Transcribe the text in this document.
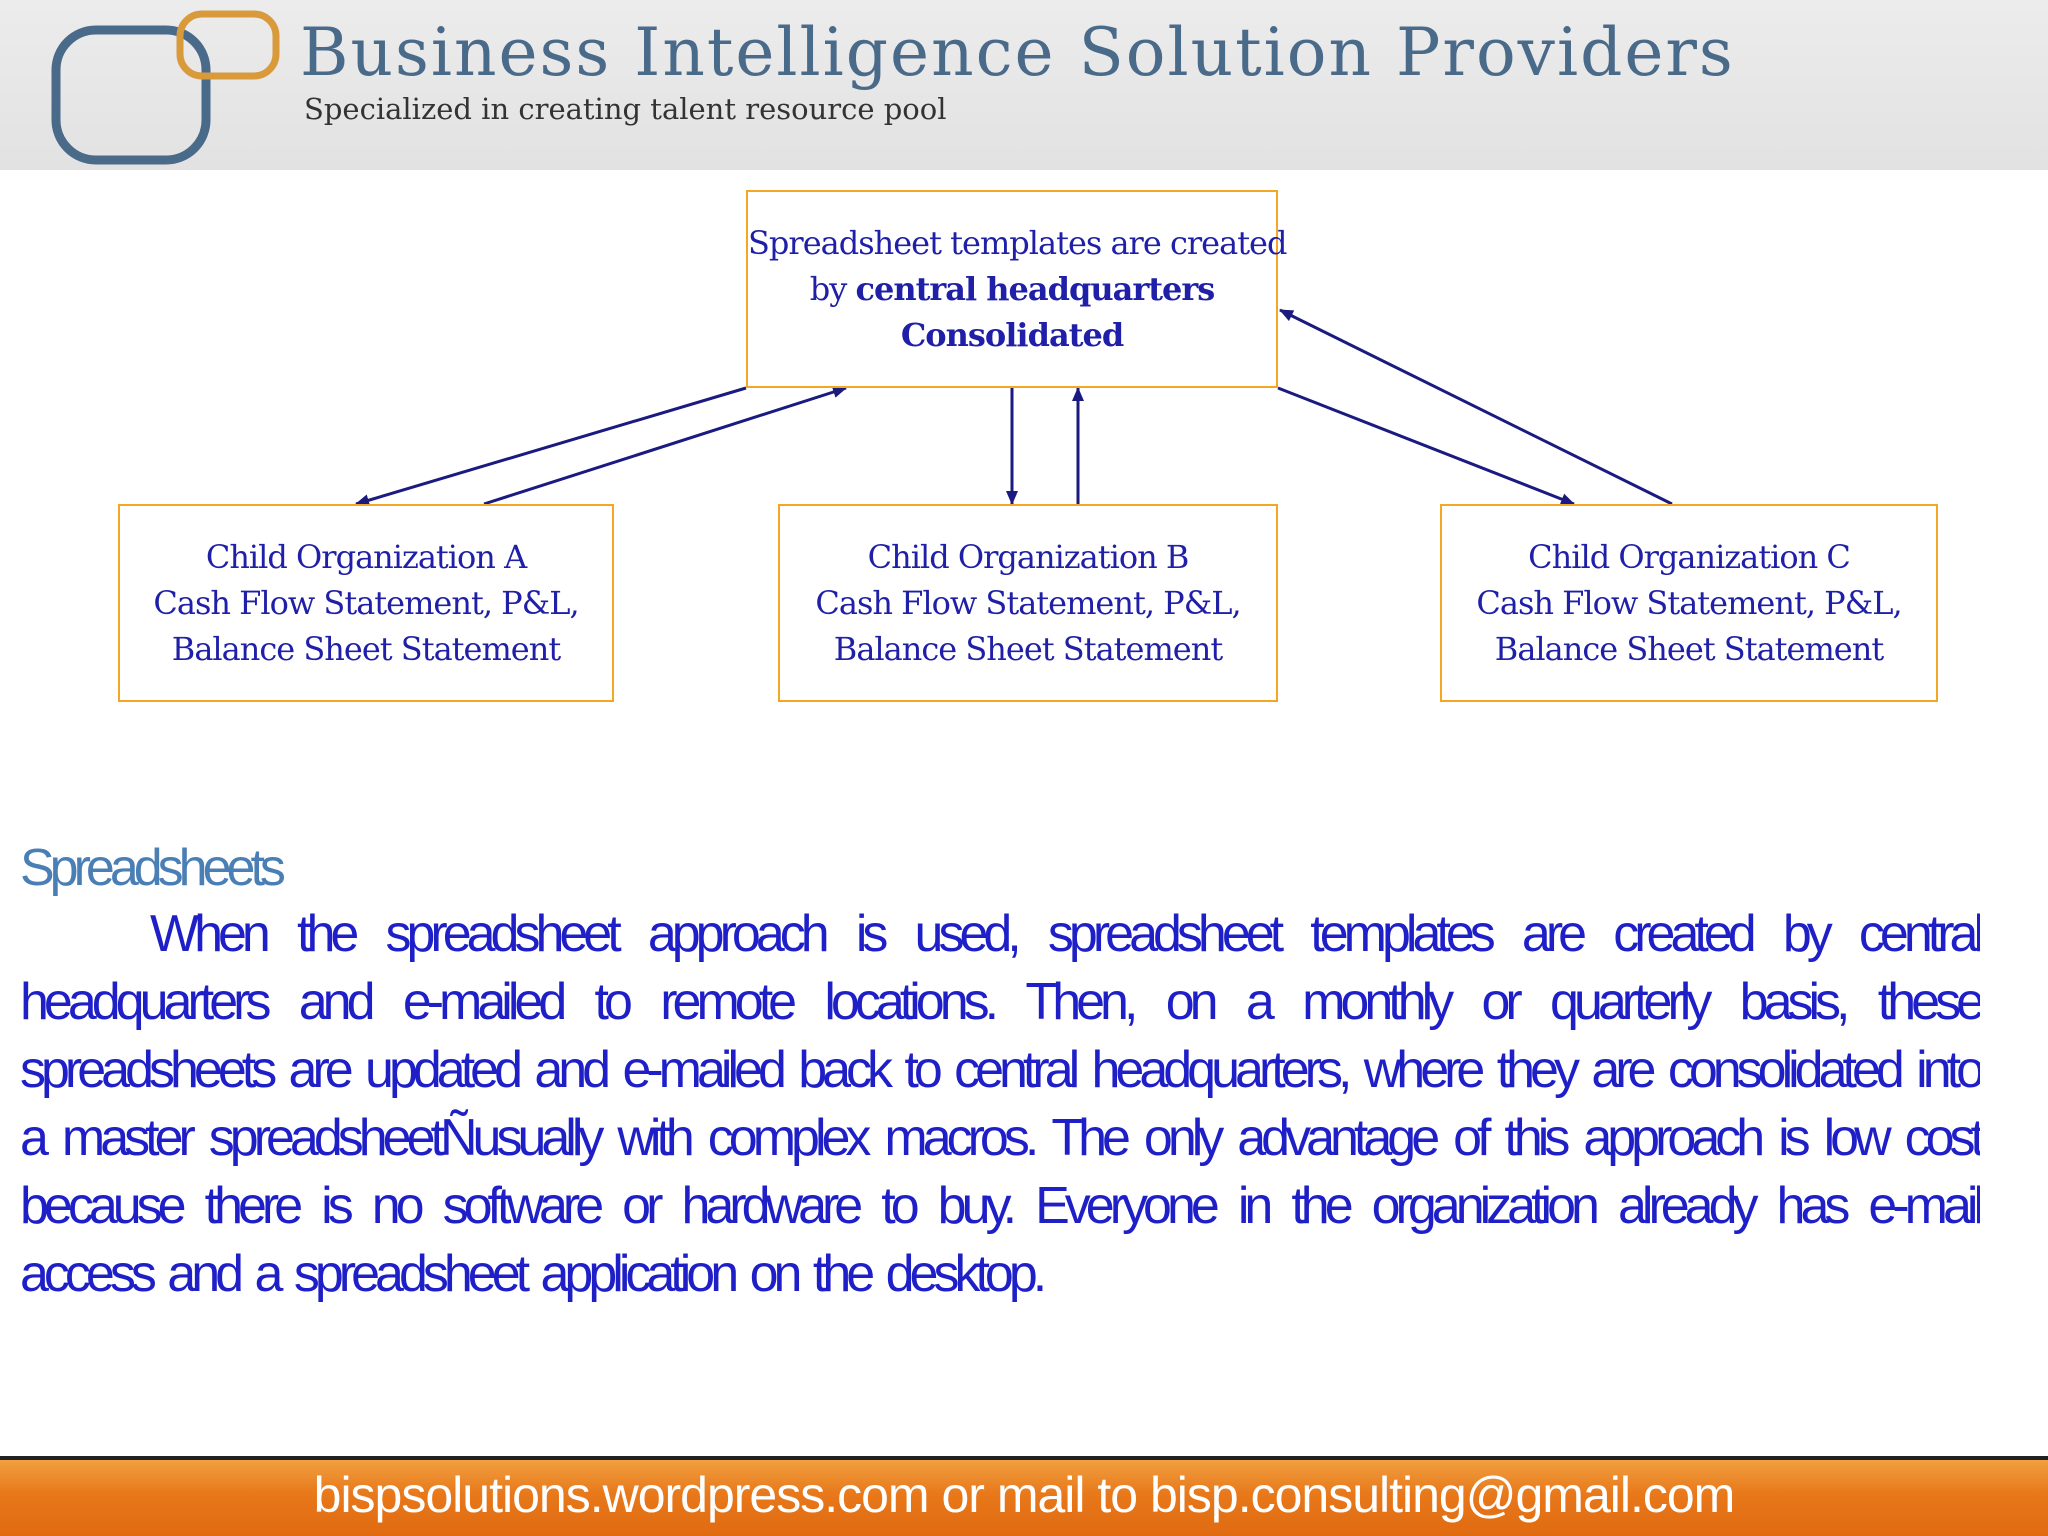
Business Intelligence Solution Providers
Specialized in creating talent resource pool
Spreadsheet templates are created
by central headquarters
Consolidated
Child Organization A
Cash Flow Statement, P&L,
Balance Sheet Statement
Child Organization B
Cash Flow Statement, P&L,
Balance Sheet Statement
Child Organization C
Cash Flow Statement, P&L,
Balance Sheet Statement
Spreadsheets
When the spreadsheet approach is used, spreadsheet templates are created by central headquarters and e-mailed to remote locations. Then, on a monthly or quarterly basis, these spreadsheets are updated and e-mailed back to central headquarters, where they are consolidated into a master spreadsheetÑusually with complex macros. The only advantage of this approach is low cost because there is no software or hardware to buy. Everyone in the organization already has e-mail access and a spreadsheet application on the desktop.
bispsolutions.wordpress.com or mail to bisp.consulting@gmail.com
